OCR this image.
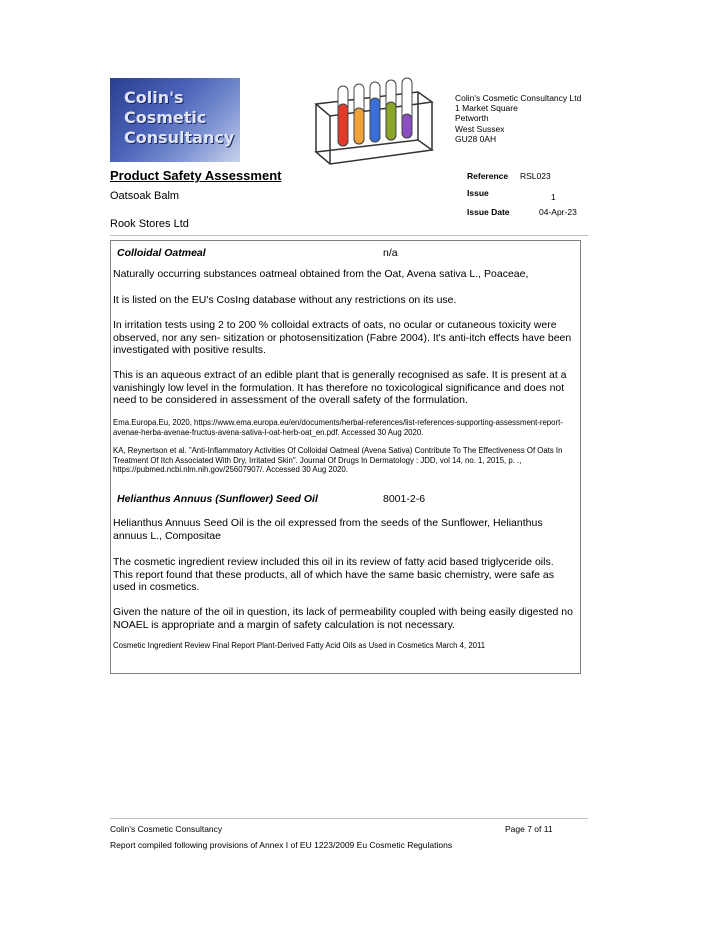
Colin's
Cosmetic
Consultancy
Colin's Cosmetic Consultancy Ltd
1 Market Square
Petworth
West Sussex
GU28 0AH
Product Safety Assessment
Oatsoak Balm
Rook Stores Ltd
Reference RSL023
Issue	1
Issue Date	04-Apr-23
Colloidal Oatmeal	n/a
Naturally occurring substances oatmeal obtained from the Oat, Avena sativa L., Poaceae,
It is listed on the EU's CosIng database without any restrictions on its use.
In irritation tests using 2 to 200 % colloidal extracts of oats, no ocular or cutaneous toxicity were observed, nor any sen- sitization or photosensitization (Fabre 2004). It's anti-itch effects have been investigated with positive results.
This is an aqueous extract of an edible plant that is generally recognised as safe. It is present at a vanishingly low level in the formulation. It has therefore no toxicological significance and does not need to be considered in assessment of the overall safety of the formulation.
Ema.Europa.Eu, 2020, https://www.ema.europa.eu/en/documents/herbal-references/list-references-supporting-assessment-report-avenae-herba-avenae-fructus-avena-sativa-l-oat-herb-oat_en.pdf. Accessed 30 Aug 2020.
KA, Reynertson et al. "Anti-Inflammatory Activities Of Colloidal Oatmeal (Avena Sativa) Contribute To The Effectiveness Of Oats In Treatment Of Itch Associated With Dry, Irritated Skin". Journal Of Drugs In Dermatology : JDD, vol 14, no. 1, 2015, p. ., https://pubmed.ncbi.nlm.nih.gov/25607907/. Accessed 30 Aug 2020.
Helianthus Annuus (Sunflower) Seed Oil	8001-2-6
Helianthus Annuus Seed Oil is the oil expressed from the seeds of the Sunflower, Helianthus annuus L., Compositae
The cosmetic ingredient review included this oil in its review of fatty acid based triglyceride oils. This report found that these products, all of which have the same basic chemistry, were safe as used in cosmetics.
Given the nature of the oil in question, its lack of permeability coupled with being easily digested no NOAEL is appropriate and a margin of safety calculation is not necessary.
Cosmetic Ingredient Review Final Report Plant-Derived Fatty Acid Oils as Used in Cosmetics March 4, 2011
Colin's Cosmetic Consultancy	Page 7 of 11
Report compiled following provisions of Annex I of EU 1223/2009 Eu Cosmetic Regulations
